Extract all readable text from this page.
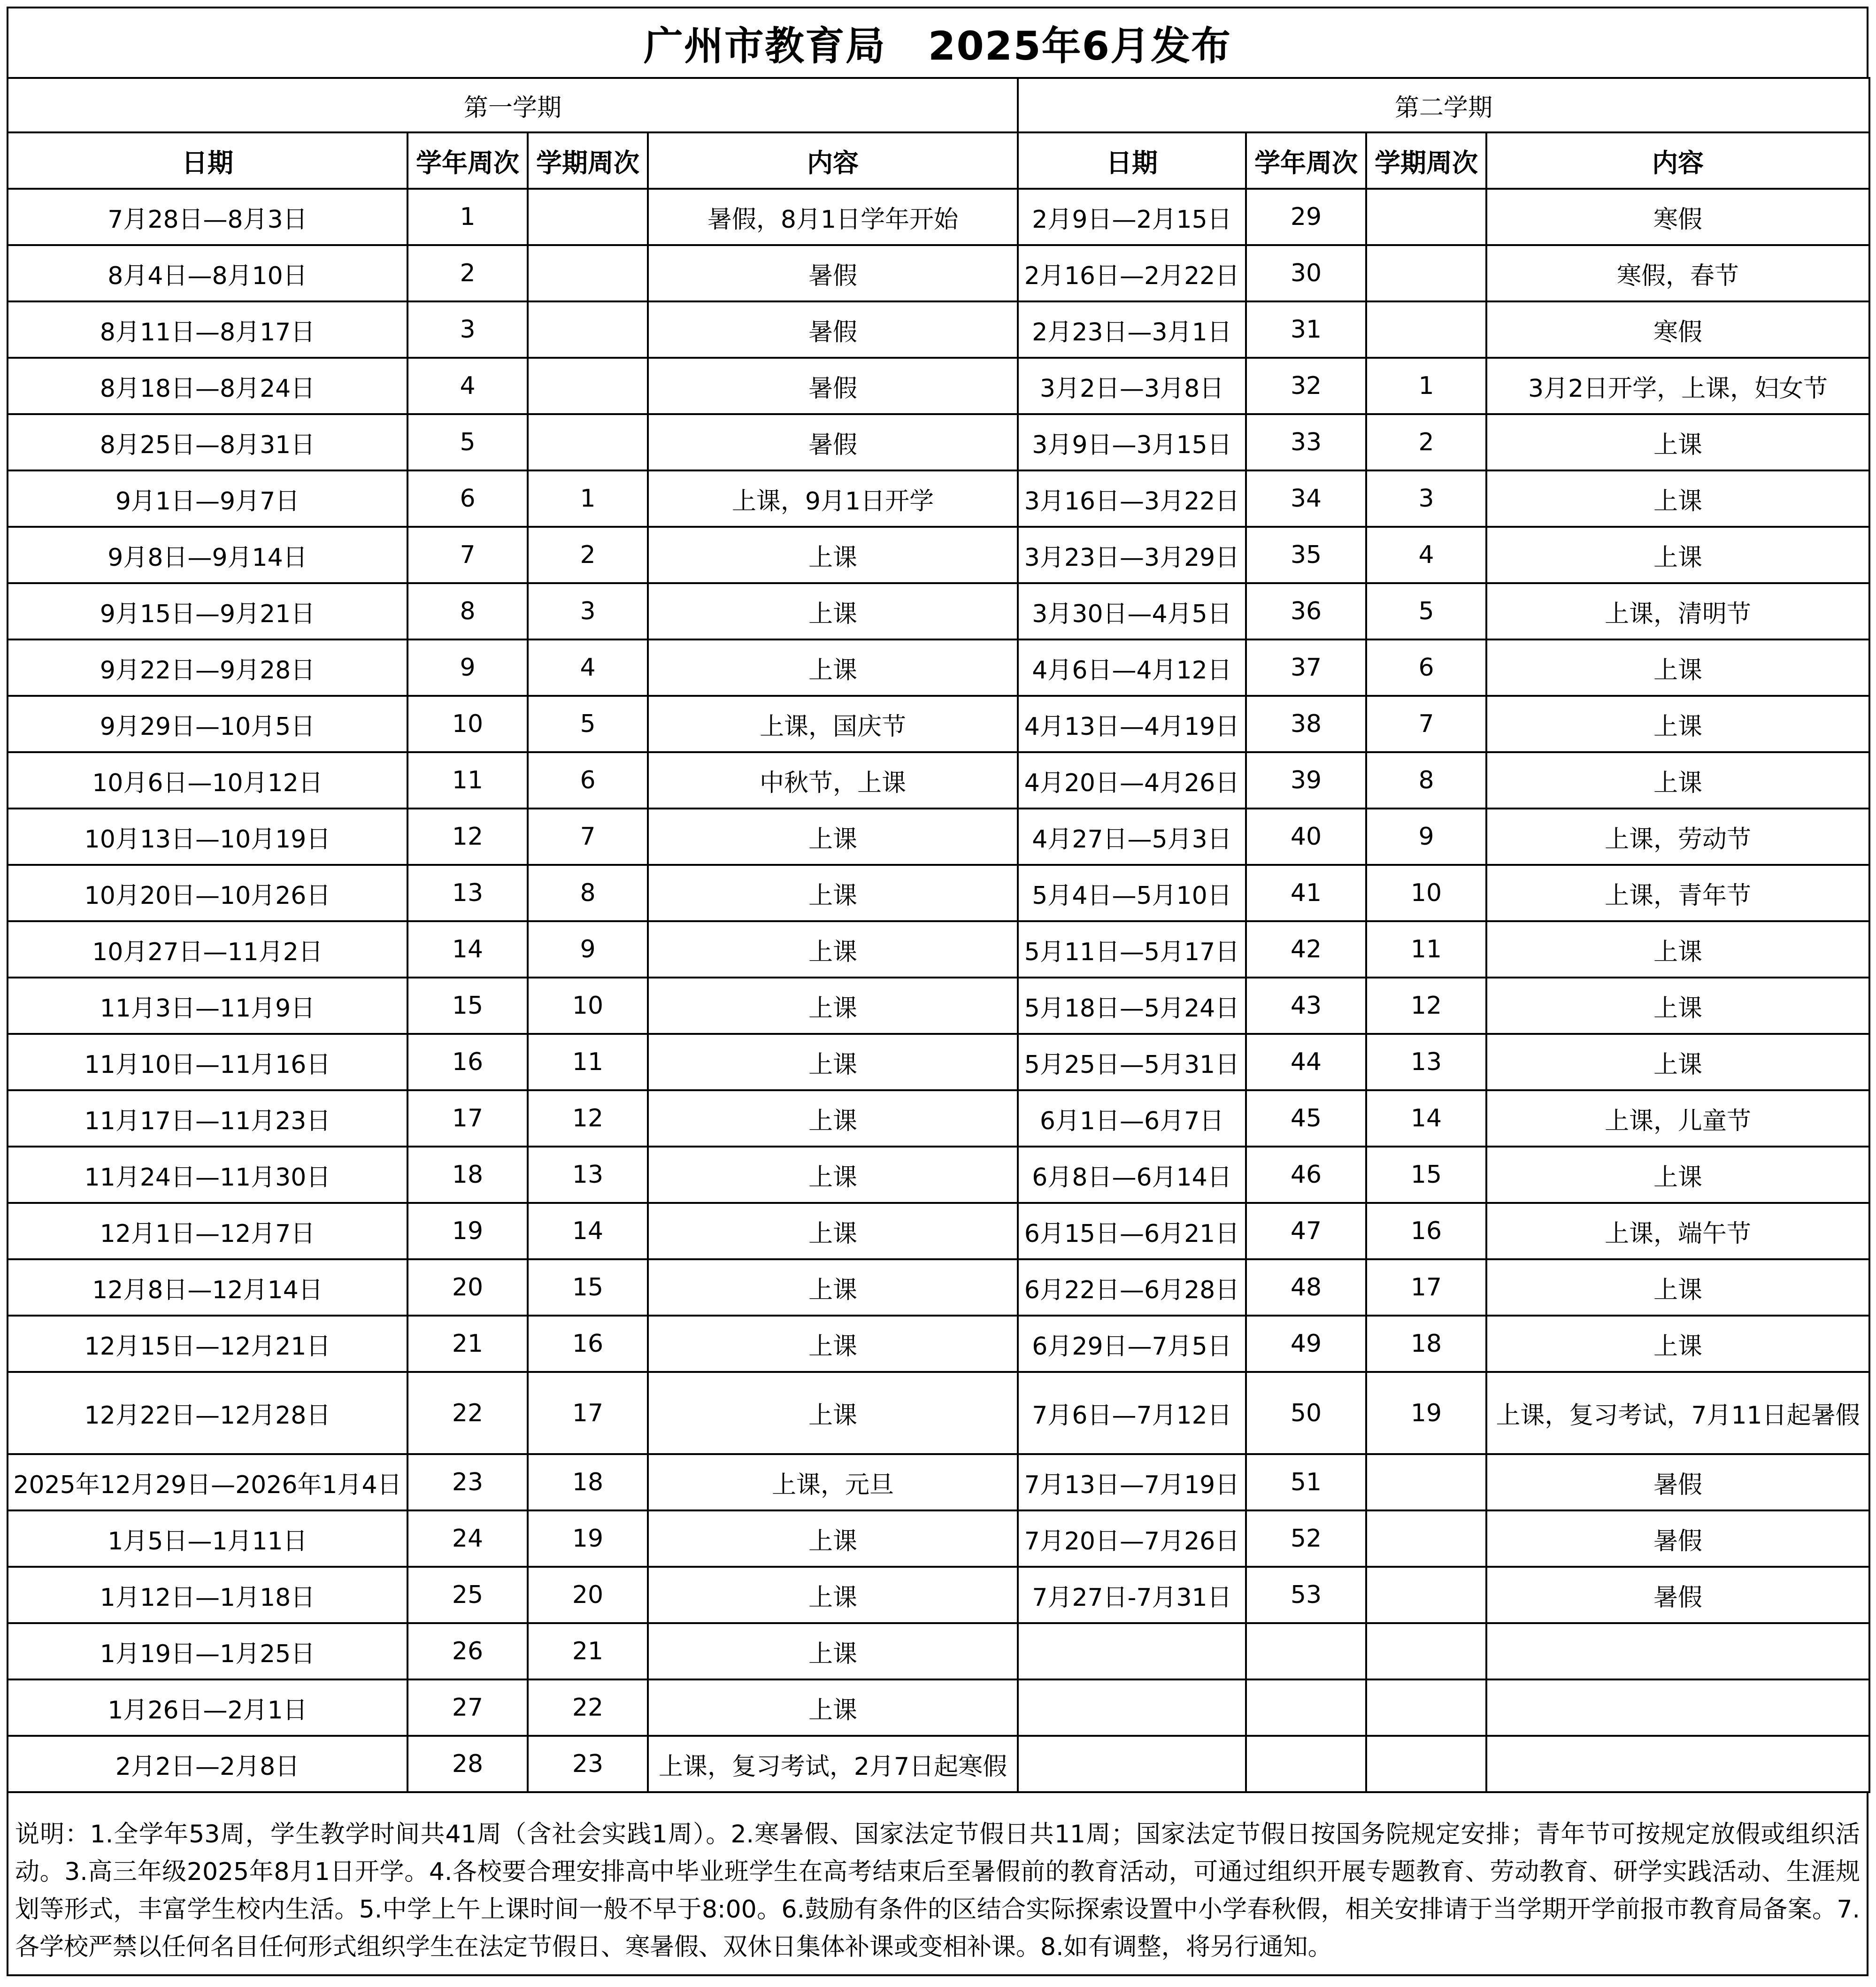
广州市教育局 2025年6月发布
第一学期				第二学期			
日期	学年周次	学期周次	内容	日期	学年周次	学期周次	内容
7月28日—8月3日	1		暑假，8月1日学年开始	2月9日—2月15日	29		寒假
8月4日—8月10日	2		暑假	2月16日—2月22日	30		寒假，春节
8月11日—8月17日	3		暑假	2月23日—3月1日	31		寒假
8月18日—8月24日	4		暑假	3月2日—3月8日	32	1	3月2日开学，上课，妇女节
8月25日—8月31日	5		暑假	3月9日—3月15日	33	2	上课
9月1日—9月7日	6	1	上课，9月1日开学	3月16日—3月22日	34	3	上课
9月8日—9月14日	7	2	上课	3月23日—3月29日	35	4	上课
9月15日—9月21日	8	3	上课	3月30日—4月5日	36	5	上课，清明节
9月22日—9月28日	9	4	上课	4月6日—4月12日	37	6	上课
9月29日—10月5日	10	5	上课，国庆节	4月13日—4月19日	38	7	上课
10月6日—10月12日	11	6	中秋节，上课	4月20日—4月26日	39	8	上课
10月13日—10月19日	12	7	上课	4月27日—5月3日	40	9	上课，劳动节
10月20日—10月26日	13	8	上课	5月4日—5月10日	41	10	上课，青年节
10月27日—11月2日	14	9	上课	5月11日—5月17日	42	11	上课
11月3日—11月9日	15	10	上课	5月18日—5月24日	43	12	上课
11月10日—11月16日	16	11	上课	5月25日—5月31日	44	13	上课
11月17日—11月23日	17	12	上课	6月1日—6月7日	45	14	上课，儿童节
11月24日—11月30日	18	13	上课	6月8日—6月14日	46	15	上课
12月1日—12月7日	19	14	上课	6月15日—6月21日	47	16	上课，端午节
12月8日—12月14日	20	15	上课	6月22日—6月28日	48	17	上课
12月15日—12月21日	21	16	上课	6月29日—7月5日	49	18	上课
12月22日—12月28日	22	17	上课	7月6日—7月12日	50	19	上课，复习考试，7月11日起暑假
2025年12月29日—2026年1月4日	23	18	上课，元旦	7月13日—7月19日	51		暑假
1月5日—1月11日	24	19	上课	7月20日—7月26日	52		暑假
1月12日—1月18日	25	20	上课	7月27日-7月31日	53		暑假
1月19日—1月25日	26	21	上课				
1月26日—2月1日	27	22	上课				
2月2日—2月8日	28	23	上课，复习考试，2月7日起寒假				
说明：1.全学年53周，学生教学时间共41周（含社会实践1周）。2.寒暑假、国家法定节假日共11周；国家法定节假日按国务院规定安排；青年节可按规定放假或组织活动。3.高三年级2025年8月1日开学。4.各校要合理安排高中毕业班学生在高考结束后至暑假前的教育活动，可通过组织开展专题教育、劳动教育、研学实践活动、生涯规划等形式，丰富学生校内生活。5.中学上午上课时间一般不早于8:00。6.鼓励有条件的区结合实际探索设置中小学春秋假，相关安排请于当学期开学前报市教育局备案。7.各学校严禁以任何名目任何形式组织学生在法定节假日、寒暑假、双休日集体补课或变相补课。8.如有调整，将另行通知。
